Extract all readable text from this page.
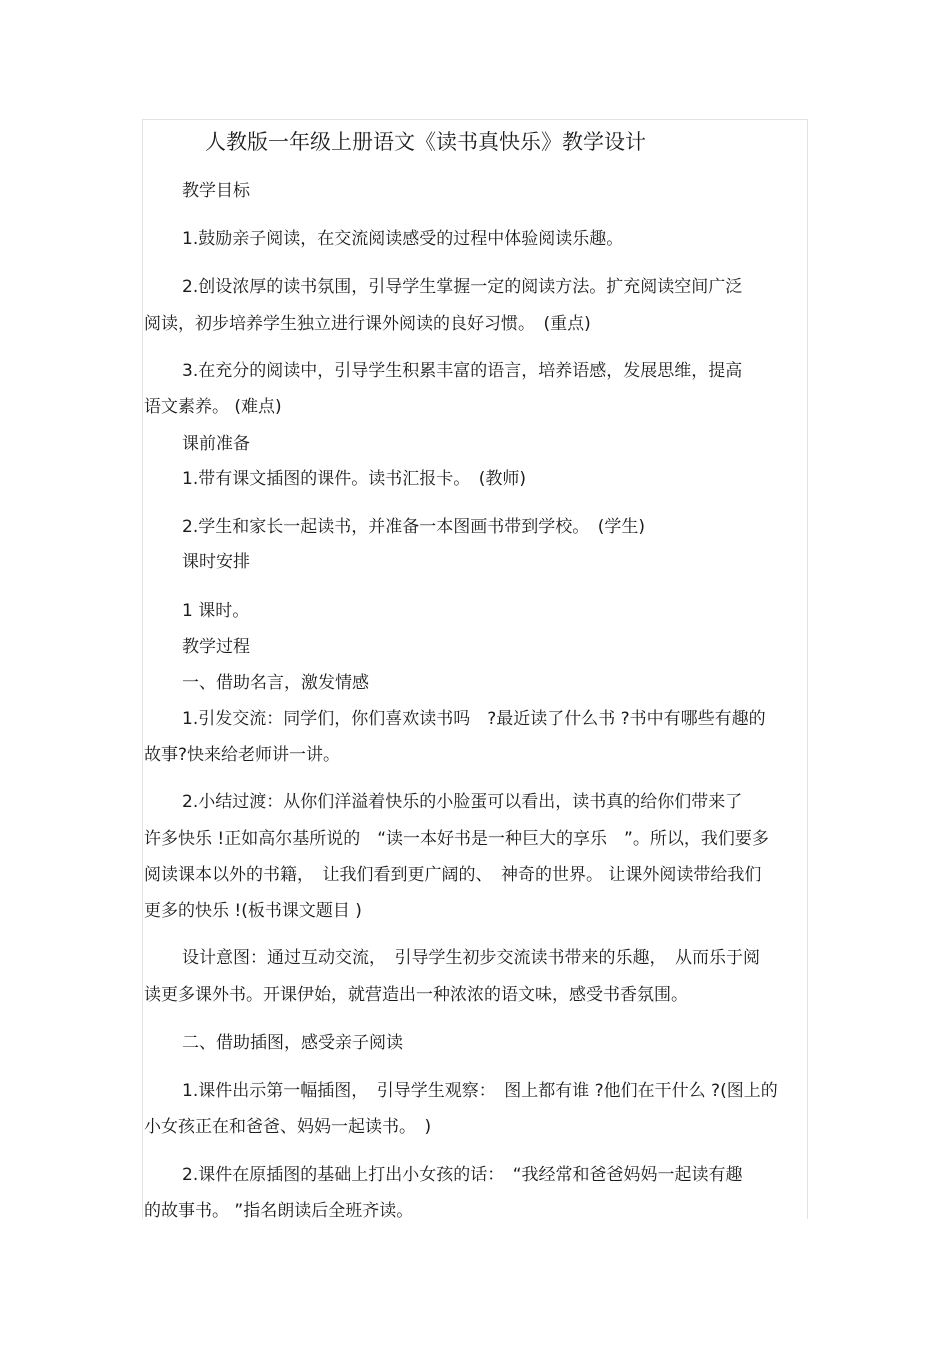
人教版一年级上册语文《读书真快乐》教学设计
教学目标
1.鼓励亲子阅读，在交流阅读感受的过程中体验阅读乐趣。
2.创设浓厚的读书氛围，引导学生掌握一定的阅读方法。扩充阅读空间广泛
阅读，初步培养学生独立进行课外阅读的良好习惯。　(重点)
3.在充分的阅读中，引导学生积累丰富的语言，培养语感，发展思维，提高
语文素养。 (难点)
课前准备
1.带有课文插图的课件。读书汇报卡。　(教师)
2.学生和家长一起读书，并准备一本图画书带到学校。　(学生)
课时安排
1 课时。
教学过程
一、借助名言，激发情感
1.引发交流：同学们，你们喜欢读书吗　?最近读了什么书 ?书中有哪些有趣的
故事?快来给老师讲一讲。
2.小结过渡：从你们洋溢着快乐的小脸蛋可以看出，读书真的给你们带来了
许多快乐 !正如高尔基所说的　“读一本好书是一种巨大的享乐　”。所以，我们要多
阅读课本以外的书籍，　让我们看到更广阔的、　神奇的世界。 让课外阅读带给我们
更多的快乐 !(板书课文题目 )
设计意图：通过互动交流，　引导学生初步交流读书带来的乐趣，　从而乐于阅
读更多课外书。开课伊始，就营造出一种浓浓的语文味，感受书香氛围。
二、借助插图，感受亲子阅读
1.课件出示第一幅插图，　引导学生观察：　图上都有谁 ?他们在干什么 ?(图上的
小女孩正在和爸爸、妈妈一起读书。　)
2.课件在原插图的基础上打出小女孩的话：　“我经常和爸爸妈妈一起读有趣
的故事书。 ”指名朗读后全班齐读。
